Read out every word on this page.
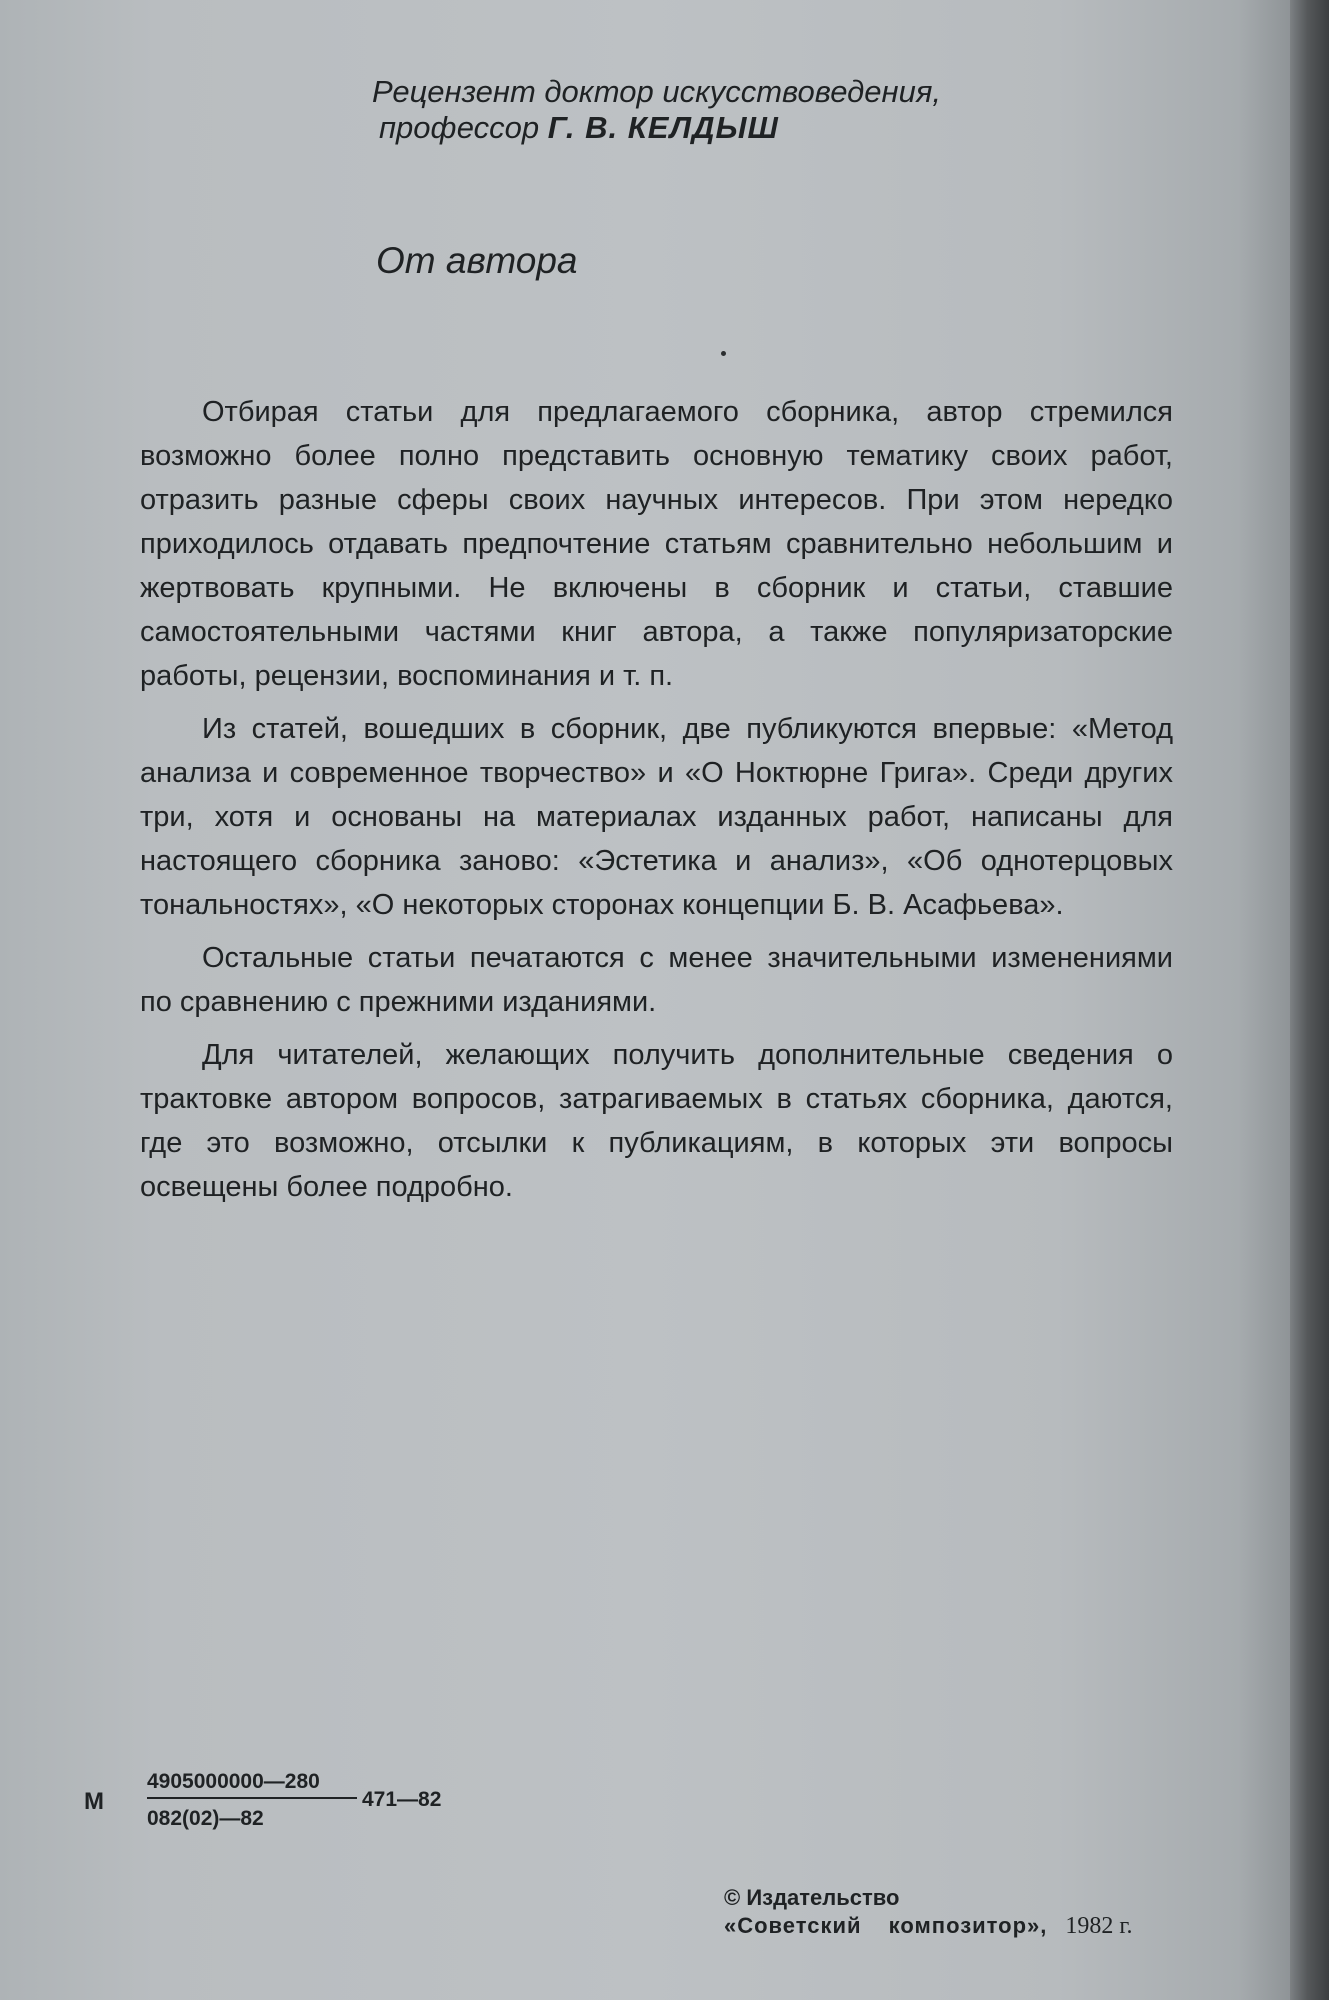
Рецензент доктор искусствоведения,
профессор Г. В. КЕЛДЫШ
От автора

Отбирая статьи для предлагаемого сборника, автор стремился возможно более полно представить основную тематику своих работ, отразить разные сферы своих научных интересов. При этом нередко приходилось отдавать предпочтение статьям сравнительно небольшим и жертвовать крупными. Не включены в сборник и статьи, ставшие самостоятельными частями книг автора, а также популяризаторские работы, рецензии, воспоминания и т. п.

Из статей, вошедших в сборник, две публикуются впервые: «Метод анализа и современное творчество» и «О Ноктюрне Грига». Среди других три, хотя и основаны на материалах изданных работ, написаны для настоящего сборника заново: «Эстетика и анализ», «Об однотерцовых тональностях», «О некоторых сторонах концепции Б. В. Асафьева».

Остальные статьи печатаются с менее значительными изменениями по сравнению с прежними изданиями.

Для читателей, желающих получить дополнительные сведения о трактовке автором вопросов, затрагиваемых в статьях сборника, даются, где это возможно, отсылки к публикациям, в которых эти вопросы освещены более подробно.

М
4905000000—280
082(02)—82
471—82
© Издательство
«Советский композитор», 1982 г.
